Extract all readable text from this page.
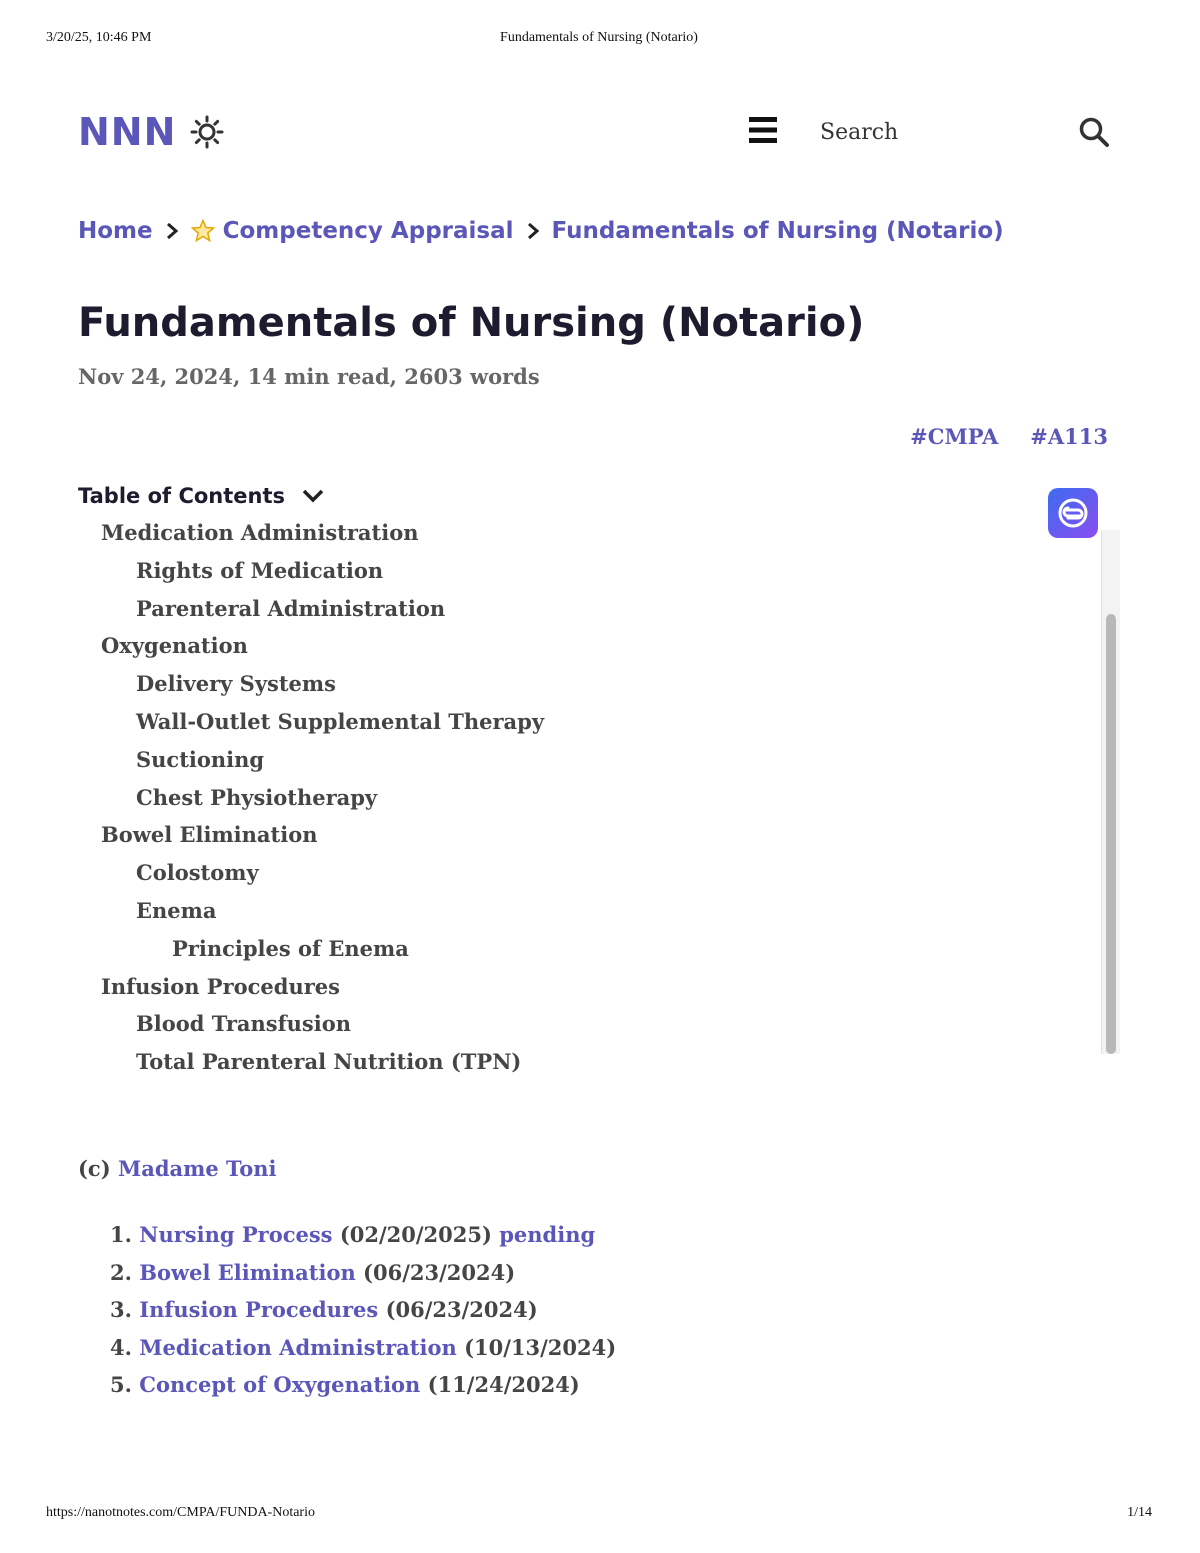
3/20/25, 10:46 PM	Fundamentals of Nursing (Notario)
NNN
Search
Home	Competency Appraisal Fundamentals of Nursing (Notario)
Fundamentals of Nursing (Notario)
Nov 24, 2024, 14 min read, 2603 words
#CMPA #A113
Table of Contents
Medication Administration
Rights of Medication
Parenteral Administration
Oxygenation
Delivery Systems
Wall-Outlet Supplemental Therapy
Suctioning
Chest Physiotherapy
Bowel Elimination
Colostomy
Enema
Principles of Enema
Infusion Procedures
Blood Transfusion
Total Parenteral Nutrition (TPN)
(c) Madame Toni
1. Nursing Process (02/20/2025) pending
2. Bowel Elimination (06/23/2024)
3. Infusion Procedures (06/23/2024)
4. Medication Administration (10/13/2024)
5. Concept of Oxygenation (11/24/2024)
https://nanotnotes.com/CMPA/FUNDA-Notario	1/14
